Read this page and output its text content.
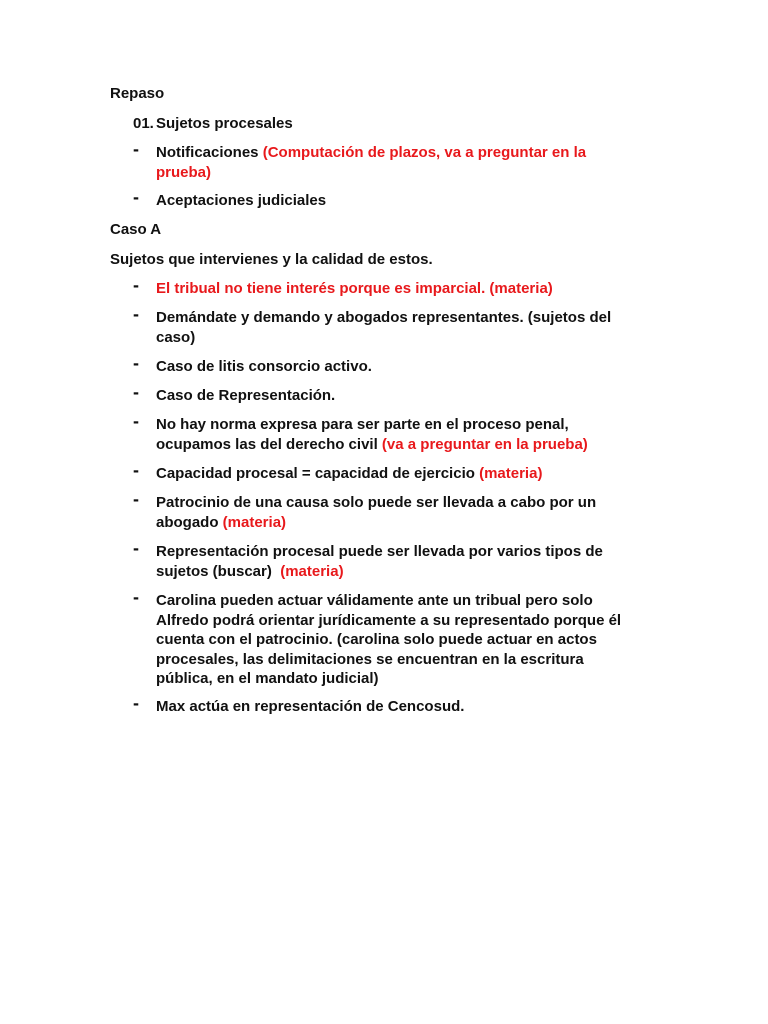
Repaso
01. Sujetos procesales
- Notificaciones (Computación de plazos, va a preguntar en la
prueba)
- Aceptaciones judiciales
Caso A
Sujetos que intervienes y la calidad de estos.
- El tribual no tiene interés porque es imparcial. (materia)
- Demándate y demando y abogados representantes. (sujetos del
caso)
- Caso de litis consorcio activo.
- Caso de Representación.
- No hay norma expresa para ser parte en el proceso penal,
ocupamos las del derecho civil (va a preguntar en la prueba)
- Capacidad procesal = capacidad de ejercicio (materia)
- Patrocinio de una causa solo puede ser llevada a cabo por un
abogado (materia)
- Representación procesal puede ser llevada por varios tipos de
sujetos (buscar)  (materia)
- Carolina pueden actuar válidamente ante un tribual pero solo
Alfredo podrá orientar jurídicamente a su representado porque él
cuenta con el patrocinio. (carolina solo puede actuar en actos
procesales, las delimitaciones se encuentran en la escritura
pública, en el mandato judicial)
- Max actúa en representación de Cencosud.
